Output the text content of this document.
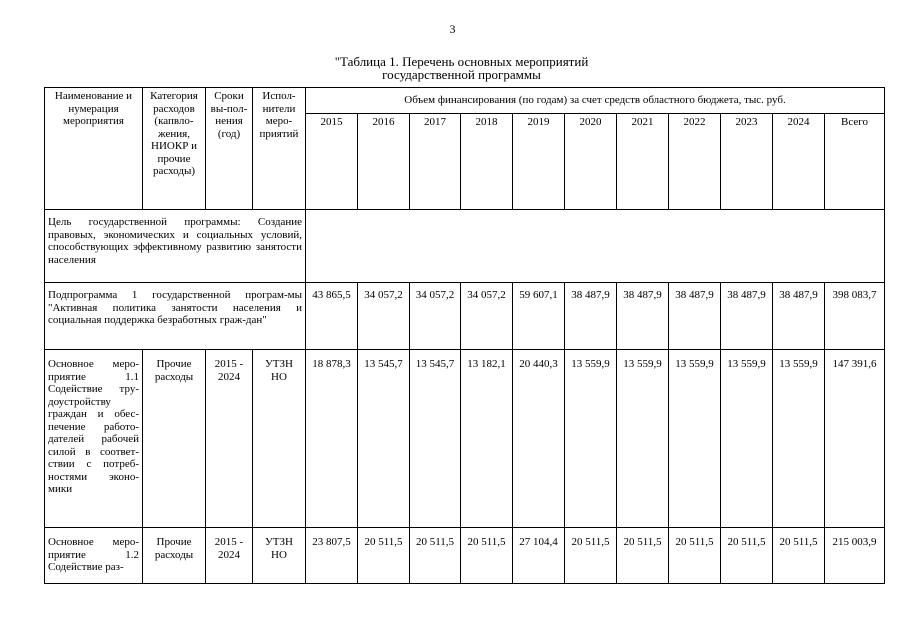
3
"Таблица 1. Перечень основных мероприятий
государственной программы
Наименование и нумерация мероприятия	Категория расходов (капвло-жения, НИОКР и прочие расходы)	Сроки вы-пол-нения (год)	Испол-нители меро-приятий	Объем финансирования (по годам) за счет средств областного бюджета, тыс. руб.										
				2015	2016	2017	2018	2019	2020	2021	2022	2023	2024	Всего
Цель государственной программы: Создание правовых, экономических и социальных условий, способствующих эффективному развитию занятости населения														
Подпрограмма 1 государственной програм-мы "Активная политика занятости населения и социальная поддержка безработных граж-дан"				43 865,5	34 057,2	34 057,2	34 057,2	59 607,1	38 487,9	38 487,9	38 487,9	38 487,9	38 487,9	398 083,7
Основное меро-приятие 1.1 Содействие тру-доустройству граждан и обес-печение работо-дателей рабочей силой в соответ-ствии с потреб-ностями эконо-мики	Прочие расходы	2015 - 2024	УТЗН НО	18 878,3	13 545,7	13 545,7	13 182,1	20 440,3	13 559,9	13 559,9	13 559,9	13 559,9	13 559,9	147 391,6
Основное меро-приятие 1.2 Содействие раз-	Прочие расходы	2015 - 2024	УТЗН НО	23 807,5	20 511,5	20 511,5	20 511,5	27 104,4	20 511,5	20 511,5	20 511,5	20 511,5	20 511,5	215 003,9
